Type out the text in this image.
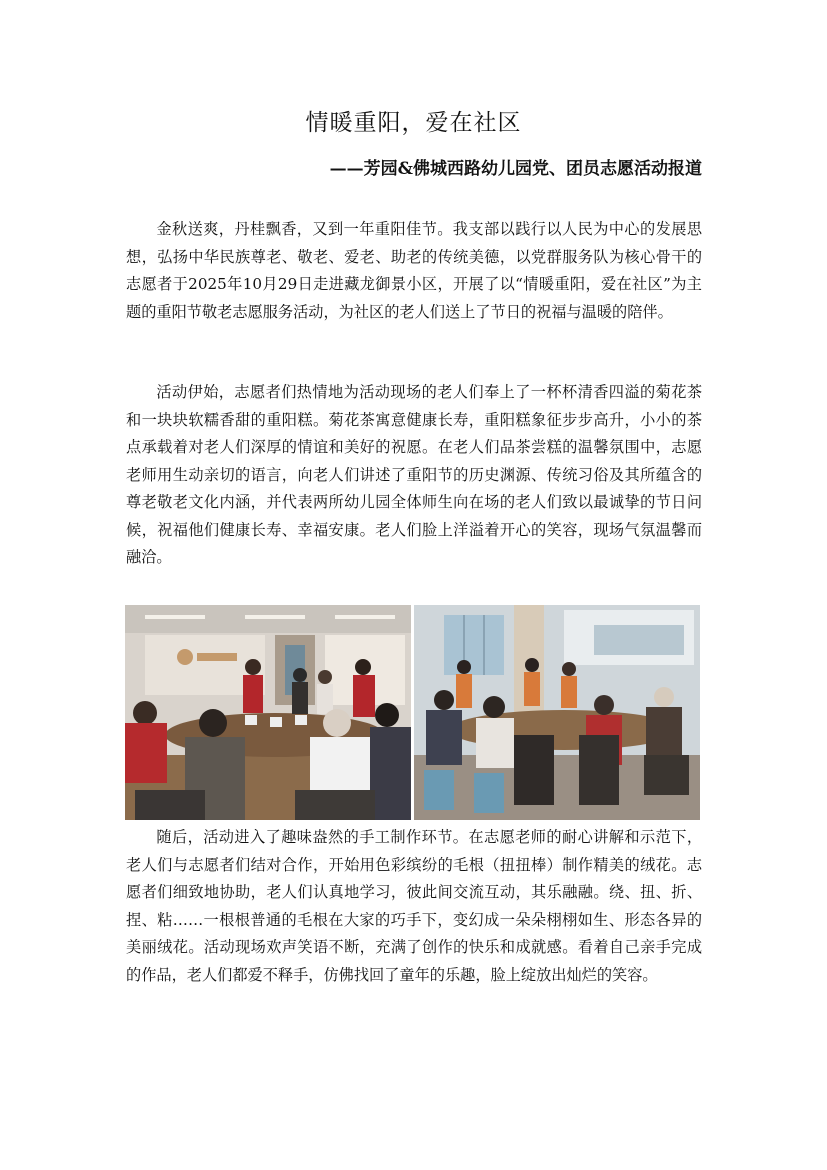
情暖重阳，爱在社区
——芳园&佛城西路幼儿园党、团员志愿活动报道

金秋送爽，丹桂飘香，又到一年重阳佳节。我支部以践行以人民为中心的发展思想，弘扬中华民族尊老、敬老、爱老、助老的传统美德，以党群服务队为核心骨干的志愿者于2025年10月29日走进藏龙御景小区，开展了以“情暖重阳，爱在社区”为主题的重阳节敬老志愿服务活动，为社区的老人们送上了节日的祝福与温暖的陪伴。

活动伊始，志愿者们热情地为活动现场的老人们奉上了一杯杯清香四溢的菊花茶和一块块软糯香甜的重阳糕。菊花茶寓意健康长寿，重阳糕象征步步高升，小小的茶点承载着对老人们深厚的情谊和美好的祝愿。在老人们品茶尝糕的温馨氛围中，志愿老师用生动亲切的语言，向老人们讲述了重阳节的历史渊源、传统习俗及其所蕴含的尊老敬老文化内涵，并代表两所幼儿园全体师生向在场的老人们致以最诚挚的节日问候，祝福他们健康长寿、幸福安康。老人们脸上洋溢着开心的笑容，现场气氛温馨而融洽。

随后，活动进入了趣味盎然的手工制作环节。在志愿老师的耐心讲解和示范下，老人们与志愿者们结对合作，开始用色彩缤纷的毛根（扭扭棒）制作精美的绒花。志愿者们细致地协助，老人们认真地学习，彼此间交流互动，其乐融融。绕、扭、折、捏、粘……一根根普通的毛根在大家的巧手下，变幻成一朵朵栩栩如生、形态各异的美丽绒花。活动现场欢声笑语不断，充满了创作的快乐和成就感。看着自己亲手完成的作品，老人们都爱不释手，仿佛找回了童年的乐趣，脸上绽放出灿烂的笑容。
